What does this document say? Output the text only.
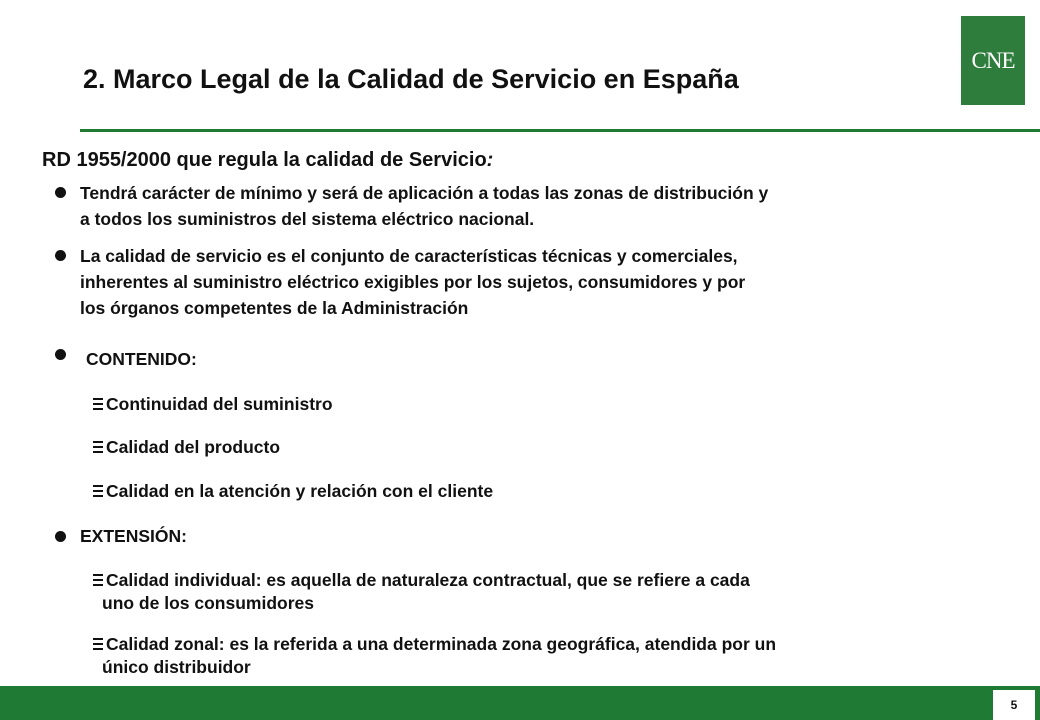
2. Marco Legal de la Calidad de Servicio en España
CNE
RD 1955/2000 que regula la calidad de Servicio:
Tendrá carácter de mínimo y será de aplicación a todas las zonas de distribución y
a todos los suministros del sistema eléctrico nacional.
La calidad de servicio es el conjunto de características técnicas y comerciales,
inherentes al suministro eléctrico exigibles por los sujetos, consumidores y por
los órganos competentes de la Administración
CONTENIDO:
Continuidad del suministro
Calidad del producto
Calidad en la atención y relación con el cliente
EXTENSIÓN:
Calidad individual: es aquella de naturaleza contractual, que se refiere a cada
uno de los consumidores
Calidad zonal: es la referida a una determinada zona geográfica, atendida por un
único distribuidor
5
